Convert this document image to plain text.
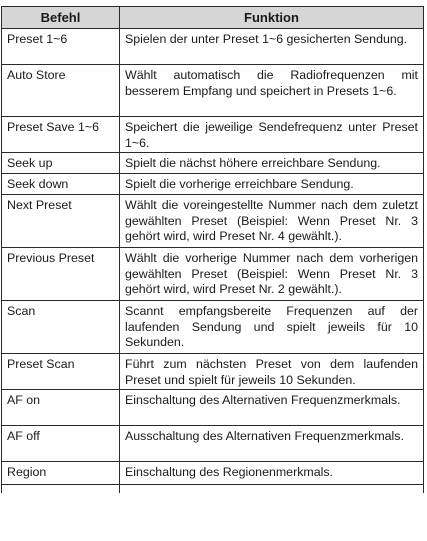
Befehl	Funktion
Preset 1~6	Spielen der unter Preset 1~6 gesicherten Sendung.
Auto Store	Wählt automatisch die Radiofrequenzen mit besserem Empfang und speichert in Presets 1~6.
Preset Save 1~6	Speichert die jeweilige Sendefrequenz unter Preset 1~6.
Seek up	Spielt die nächst höhere erreichbare Sendung.
Seek down	Spielt die vorherige erreichbare Sendung.
Next Preset	Wählt die voreingestellte Nummer nach dem zuletzt gewählten Preset (Beispiel: Wenn Preset Nr. 3 gehört wird, wird Preset Nr. 4 gewählt.).
Previous Preset	Wählt die vorherige Nummer nach dem vorherigen gewählten Preset (Beispiel: Wenn Preset Nr. 3 gehört wird, wird Preset Nr. 2 gewählt.).
Scan	Scannt empfangsbereite Frequenzen auf der laufenden Sendung und spielt jeweils für 10 Sekunden.
Preset Scan	Führt zum nächsten Preset von dem laufenden Preset und spielt für jeweils 10 Sekunden.
AF on	Einschaltung des Alternativen Frequenzmerkmals.
AF off	Ausschaltung des Alternativen Frequenzmerkmals.
Region	Einschaltung des Regionenmerkmals.
